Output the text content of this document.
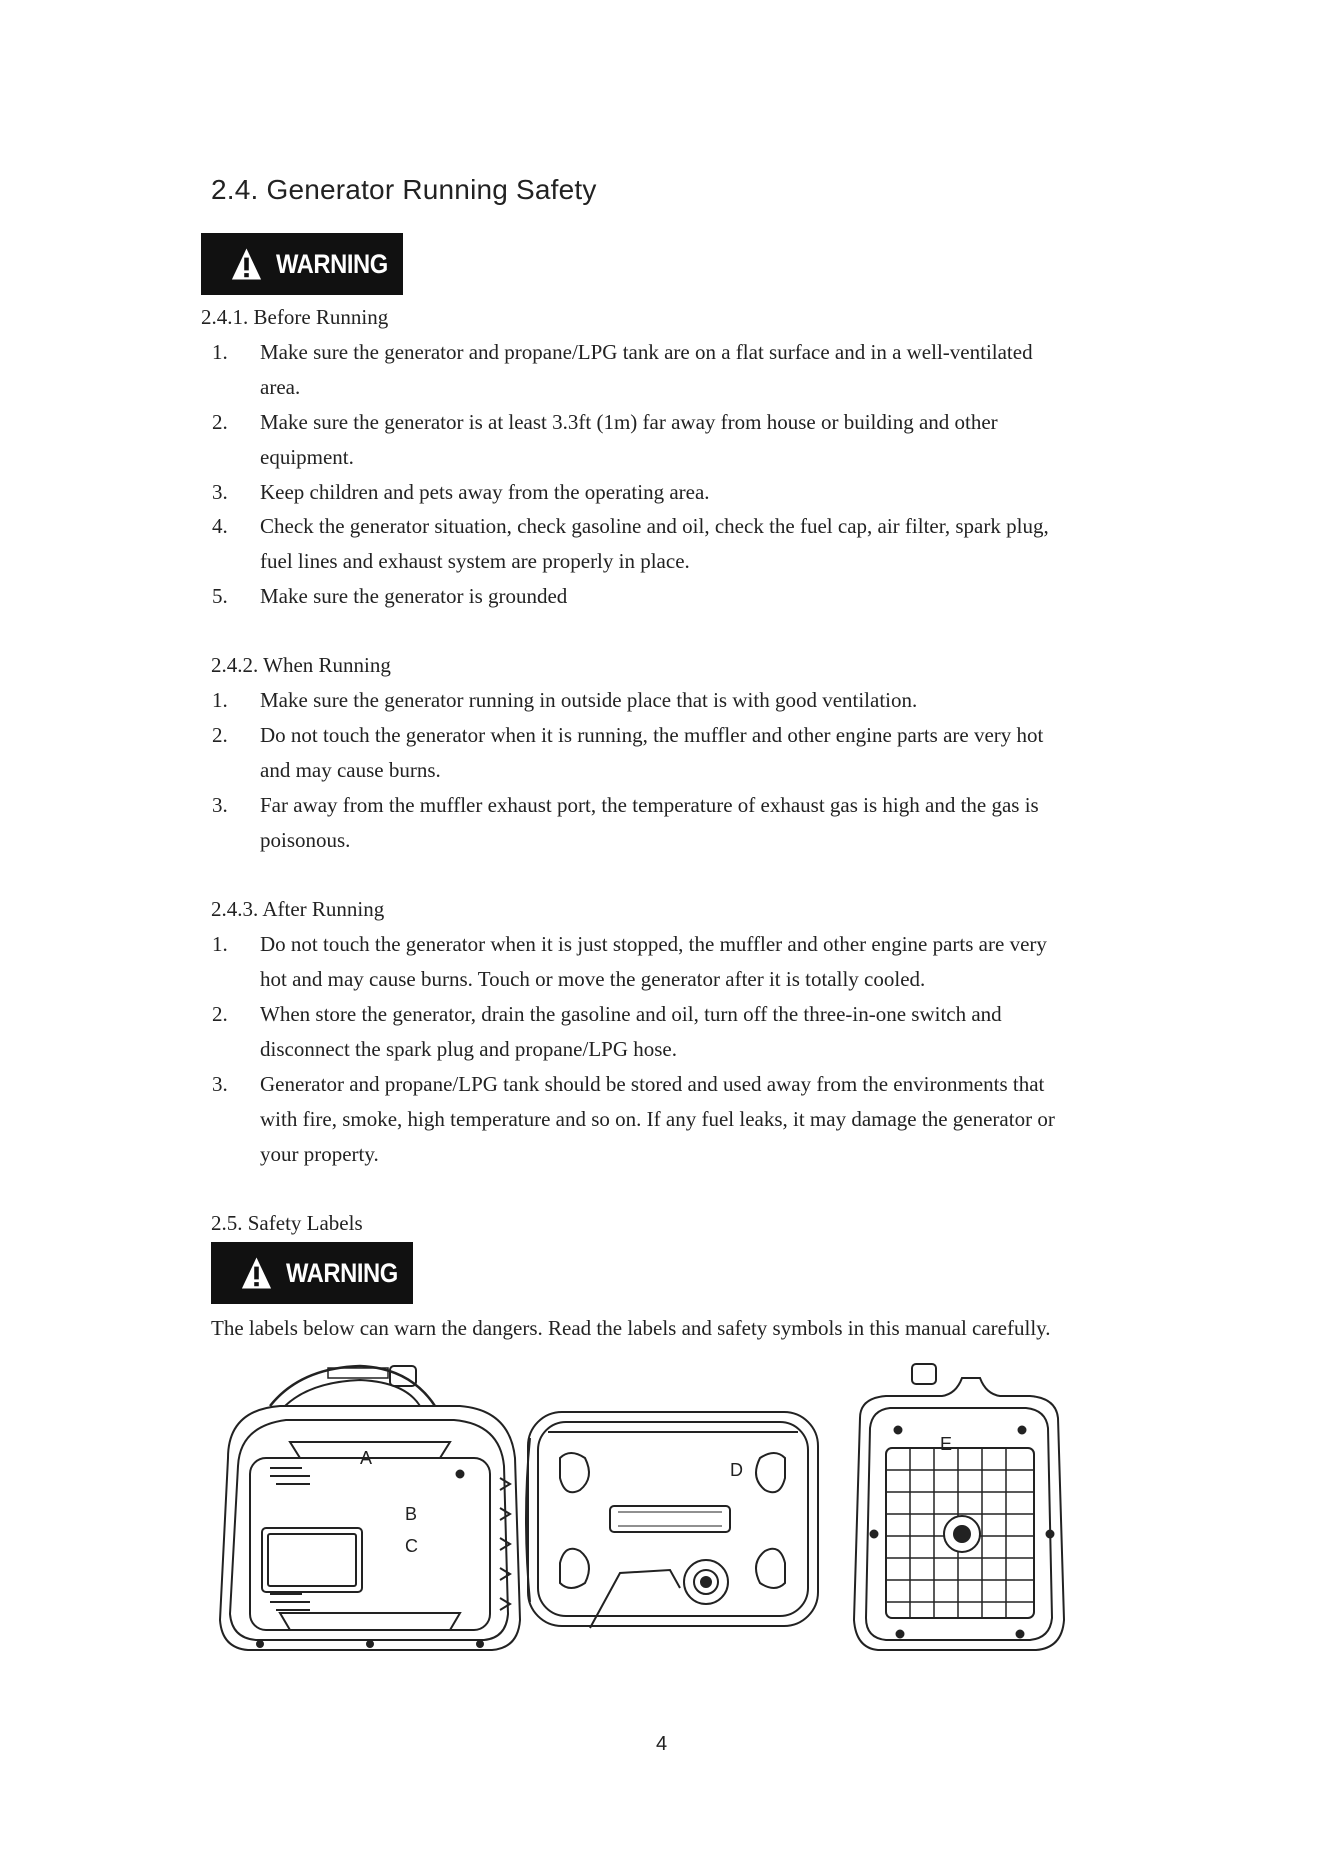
2.4. Generator Running Safety
WARNING
2.4.1. Before Running
1.	Make sure the generator and propane/LPG tank are on a flat surface and in a well-ventilated
area.
2.	Make sure the generator is at least 3.3ft (1m) far away from house or building and other
equipment.
3.	Keep children and pets away from the operating area.
4.	Check the generator situation, check gasoline and oil, check the fuel cap, air filter, spark plug,
fuel lines and exhaust system are properly in place.
5.	Make sure the generator is grounded
2.4.2. When Running
1.	Make sure the generator running in outside place that is with good ventilation.
2.	Do not touch the generator when it is running, the muffler and other engine parts are very hot
and may cause burns.
3.	Far away from the muffler exhaust port, the temperature of exhaust gas is high and the gas is
poisonous.
2.4.3. After Running
1.	Do not touch the generator when it is just stopped, the muffler and other engine parts are very
hot and may cause burns. Touch or move the generator after it is totally cooled.
2.	When store the generator, drain the gasoline and oil, turn off the three-in-one switch and
disconnect the spark plug and propane/LPG hose.
3.	Generator and propane/LPG tank should be stored and used away from the environments that
with fire, smoke, high temperature and so on. If any fuel leaks, it may damage the generator or
your property.
2.5. Safety Labels
WARNING
The labels below can warn the dangers. Read the labels and safety symbols in this manual carefully.
A
B
C
D
E
4
